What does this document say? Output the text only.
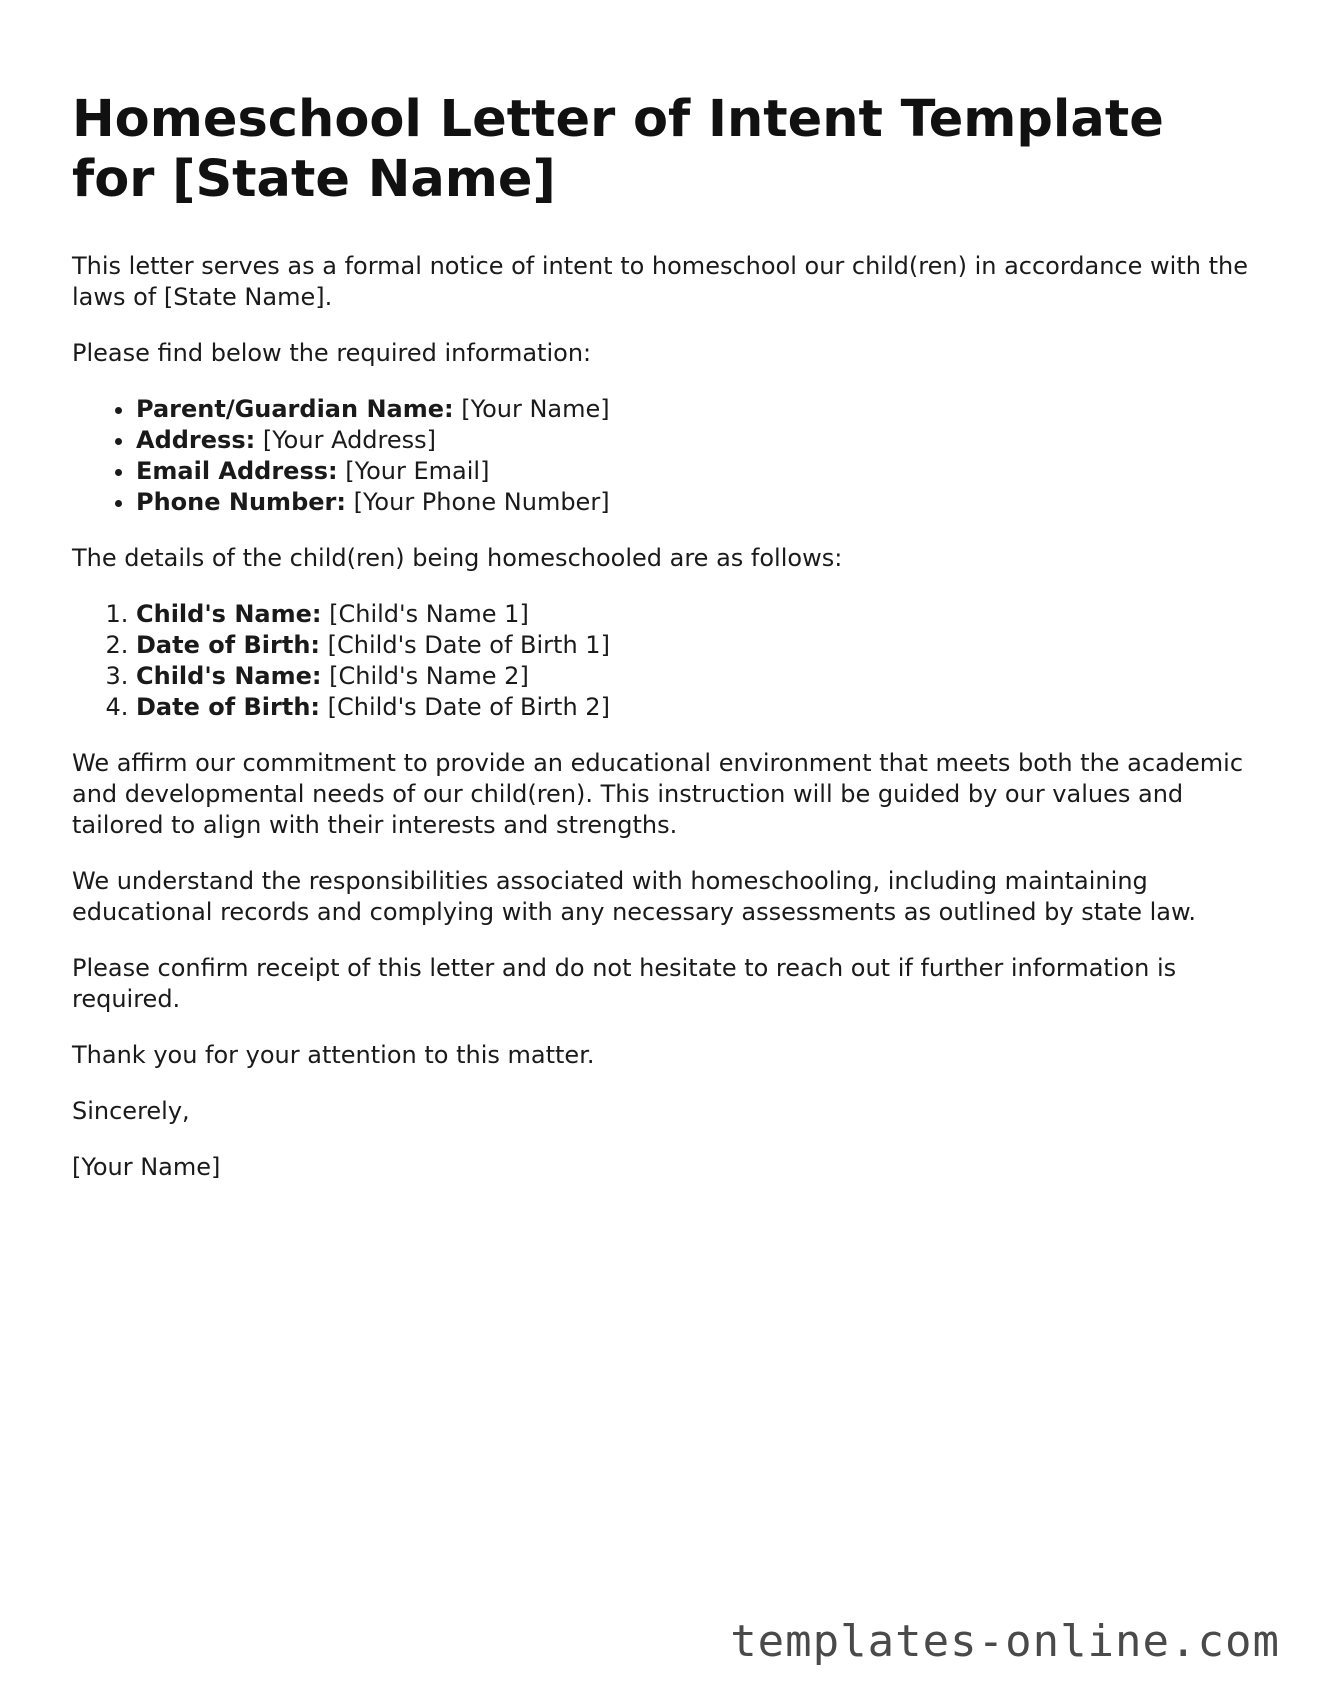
Homeschool Letter of Intent Template for [State Name]

This letter serves as a formal notice of intent to homeschool our child(ren) in accordance with the laws of [State Name].

Please find below the required information:

• Parent/Guardian Name: [Your Name]
• Address: [Your Address]
• Email Address: [Your Email]
• Phone Number: [Your Phone Number]

The details of the child(ren) being homeschooled are as follows:

1. Child's Name: [Child's Name 1]
2. Date of Birth: [Child's Date of Birth 1]
3. Child's Name: [Child's Name 2]
4. Date of Birth: [Child's Date of Birth 2]

We affirm our commitment to provide an educational environment that meets both the academic and developmental needs of our child(ren). This instruction will be guided by our values and tailored to align with their interests and strengths.

We understand the responsibilities associated with homeschooling, including maintaining educational records and complying with any necessary assessments as outlined by state law.

Please confirm receipt of this letter and do not hesitate to reach out if further information is required.

Thank you for your attention to this matter.

Sincerely,

[Your Name]

templates-online.com
